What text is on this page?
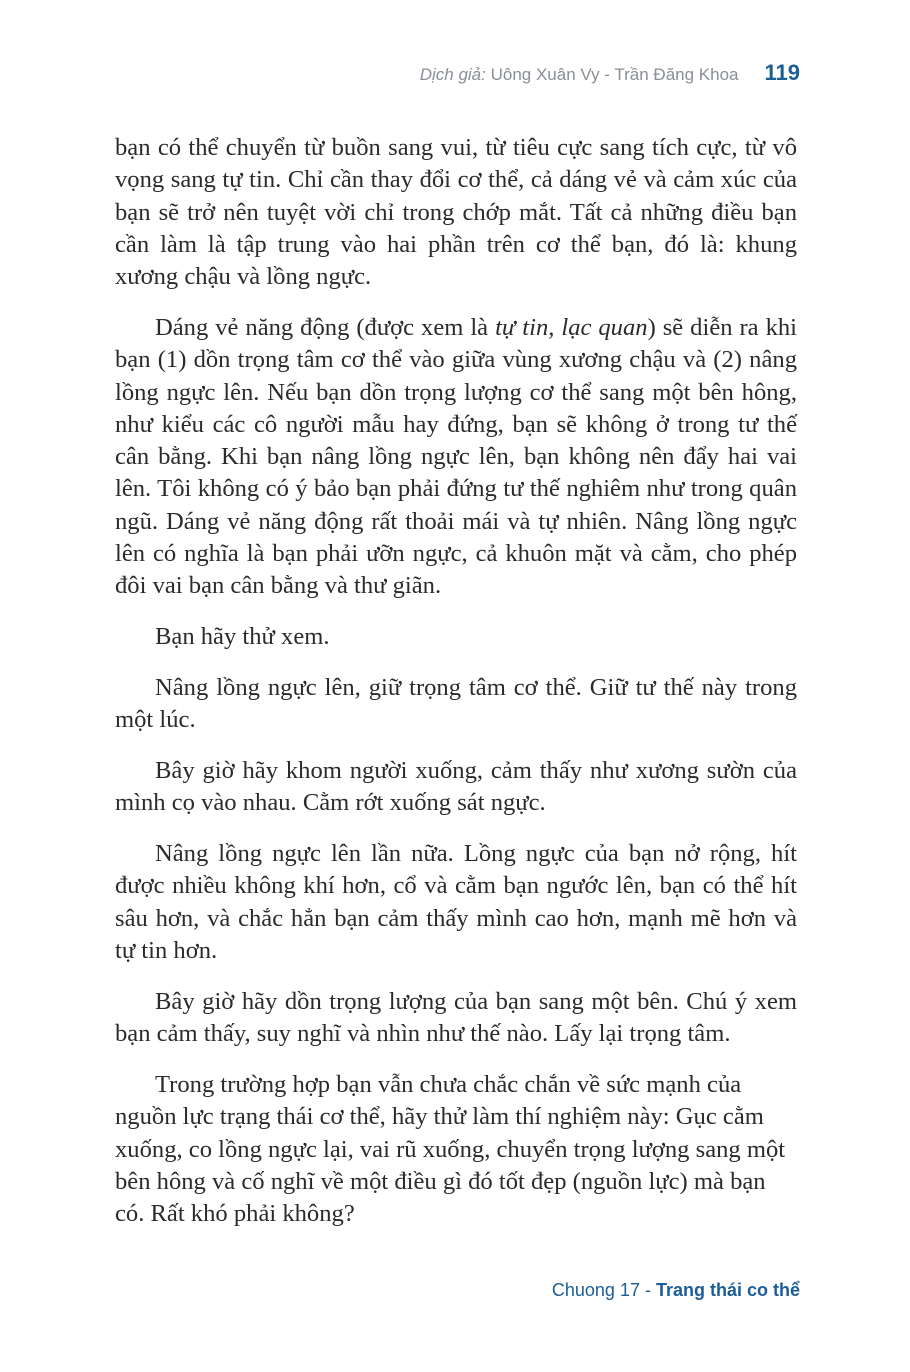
Dịch giả: Uông Xuân Vy - Trần Đăng Khoa 119

bạn có thể chuyển từ buồn sang vui, từ tiêu cực sang tích cực, từ vô vọng sang tự tin. Chỉ cần thay đổi cơ thể, cả dáng vẻ và cảm xúc của bạn sẽ trở nên tuyệt vời chỉ trong chớp mắt. Tất cả những điều bạn cần làm là tập trung vào hai phần trên cơ thể bạn, đó là: khung xương chậu và lồng ngực.

Dáng vẻ năng động (được xem là tự tin, lạc quan) sẽ diễn ra khi bạn (1) dồn trọng tâm cơ thể vào giữa vùng xương chậu và (2) nâng lồng ngực lên. Nếu bạn dồn trọng lượng cơ thể sang một bên hông, như kiểu các cô người mẫu hay đứng, bạn sẽ không ở trong tư thế cân bằng. Khi bạn nâng lồng ngực lên, bạn không nên đẩy hai vai lên. Tôi không có ý bảo bạn phải đứng tư thế nghiêm như trong quân ngũ. Dáng vẻ năng động rất thoải mái và tự nhiên. Nâng lồng ngực lên có nghĩa là bạn phải ưỡn ngực, cả khuôn mặt và cằm, cho phép đôi vai bạn cân bằng và thư giãn.

Bạn hãy thử xem.

Nâng lồng ngực lên, giữ trọng tâm cơ thể. Giữ tư thế này trong một lúc.

Bây giờ hãy khom người xuống, cảm thấy như xương sườn của mình cọ vào nhau. Cằm rớt xuống sát ngực.

Nâng lồng ngực lên lần nữa. Lồng ngực của bạn nở rộng, hít được nhiều không khí hơn, cổ và cằm bạn ngước lên, bạn có thể hít sâu hơn, và chắc hẳn bạn cảm thấy mình cao hơn, mạnh mẽ hơn và tự tin hơn.

Bây giờ hãy dồn trọng lượng của bạn sang một bên. Chú ý xem bạn cảm thấy, suy nghĩ và nhìn như thế nào. Lấy lại trọng tâm.

Trong trường hợp bạn vẫn chưa chắc chắn về sức mạnh của nguồn lực trạng thái cơ thể, hãy thử làm thí nghiệm này: Gục cằm xuống, co lồng ngực lại, vai rũ xuống, chuyển trọng lượng sang một bên hông và cố nghĩ về một điều gì đó tốt đẹp (nguồn lực) mà bạn có. Rất khó phải không?

Chuong 17 - Trang thái co thể
